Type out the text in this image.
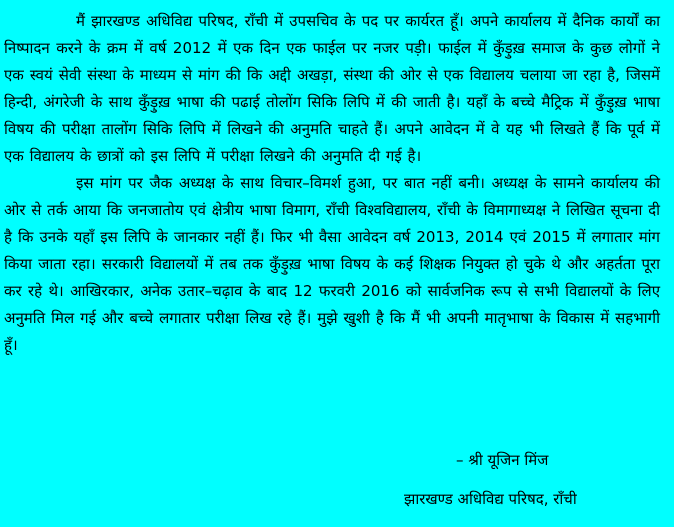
मैं झारखण्ड अधिविद्य परिषद, राँची में उपसचिव के पद पर कार्यरत हूँ। अपने कार्यालय में दैनिक कार्यों का निष्पादन करने के क्रम में वर्ष 2012 में एक दिन एक फाईल पर नजर पड़ी। फाईल में कुँड़ुख़ समाज के कुछ लोगों ने एक स्वयं सेवी संस्था के माध्यम से मांग की कि अद्दी अखड़ा, संस्था की ओर से एक विद्यालय चलाया जा रहा है, जिसमें हिन्दी, अंगरेजी के साथ कुँड़ुख़ भाषा की पढाई तोलोंग सिकि लिपि में की जाती है। यहाँ के बच्चे मैट्रिक में कुँड़ुख़ भाषा विषय की परीक्षा तालोंग सिकि लिपि में लिखने की अनुमति चाहते हैं। अपने आवेदन में वे यह भी लिखते हैं कि पूर्व में एक विद्यालय के छात्रों को इस लिपि में परीक्षा लिखने की अनुमति दी गई है।

इस मांग पर जैक अध्यक्ष के साथ विचार–विमर्श हुआ, पर बात नहीं बनी। अध्यक्ष के सामने कार्यालय की ओर से तर्क आया कि जनजातोय एवं क्षेत्रीय भाषा विमाग, राँची विश्वविद्यालय, राँची के विमागाध्यक्ष ने लिखित सूचना दी है कि उनके यहाँ इस लिपि के जानकार नहीं हैं। फिर भी वैसा आवेदन वर्ष 2013, 2014 एवं 2015 में लगातार मांग किया जाता रहा। सरकारी विद्यालयों में तब तक कुँड़ुख़ भाषा विषय के कई शिक्षक नियुक्त हो चुके थे और अहर्तता पूरा कर रहे थे। आखिरकार, अनेक उतार–चढ़ाव के बाद 12 फरवरी 2016 को सार्वजनिक रूप से सभी विद्यालयों के लिए अनुमति मिल गई और बच्चे लगातार परीक्षा लिख रहे हैं। मुझे खुशी है कि मैं भी अपनी मातृभाषा के विकास में सहभागी हूँ।

– श्री यूजिन मिंज

झारखण्ड अधिविद्य परिषद, राँची
